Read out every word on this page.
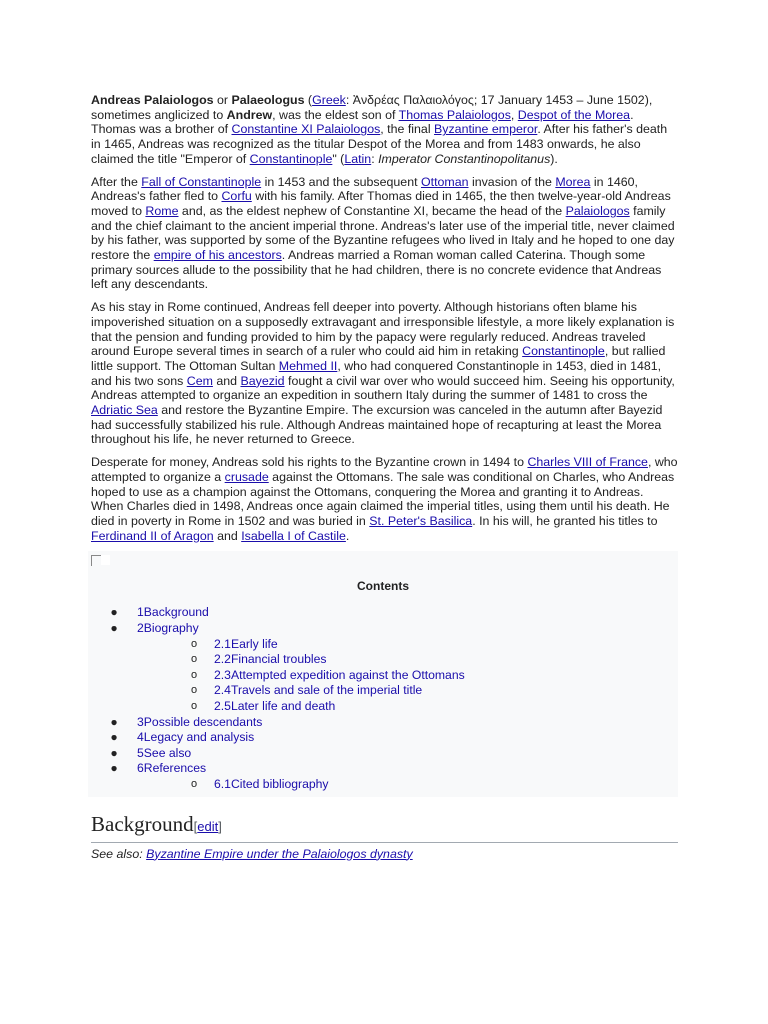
Andreas Palaiologos or Palaeologus (Greek: Ἀνδρέας Παλαιολόγος; 17 January 1453 – June 1502), sometimes anglicized to Andrew, was the eldest son of Thomas Palaiologos, Despot of the Morea. Thomas was a brother of Constantine XI Palaiologos, the final Byzantine emperor. After his father's death in 1465, Andreas was recognized as the titular Despot of the Morea and from 1483 onwards, he also claimed the title "Emperor of Constantinople" (Latin: Imperator Constantinopolitanus).

After the Fall of Constantinople in 1453 and the subsequent Ottoman invasion of the Morea in 1460, Andreas's father fled to Corfu with his family. After Thomas died in 1465, the then twelve-year-old Andreas moved to Rome and, as the eldest nephew of Constantine XI, became the head of the Palaiologos family and the chief claimant to the ancient imperial throne. Andreas's later use of the imperial title, never claimed by his father, was supported by some of the Byzantine refugees who lived in Italy and he hoped to one day restore the empire of his ancestors. Andreas married a Roman woman called Caterina. Though some primary sources allude to the possibility that he had children, there is no concrete evidence that Andreas left any descendants.

As his stay in Rome continued, Andreas fell deeper into poverty. Although historians often blame his impoverished situation on a supposedly extravagant and irresponsible lifestyle, a more likely explanation is that the pension and funding provided to him by the papacy were regularly reduced. Andreas traveled around Europe several times in search of a ruler who could aid him in retaking Constantinople, but rallied little support. The Ottoman Sultan Mehmed II, who had conquered Constantinople in 1453, died in 1481, and his two sons Cem and Bayezid fought a civil war over who would succeed him. Seeing his opportunity, Andreas attempted to organize an expedition in southern Italy during the summer of 1481 to cross the Adriatic Sea and restore the Byzantine Empire. The excursion was canceled in the autumn after Bayezid had successfully stabilized his rule. Although Andreas maintained hope of recapturing at least the Morea throughout his life, he never returned to Greece.

Desperate for money, Andreas sold his rights to the Byzantine crown in 1494 to Charles VIII of France, who attempted to organize a crusade against the Ottomans. The sale was conditional on Charles, who Andreas hoped to use as a champion against the Ottomans, conquering the Morea and granting it to Andreas. When Charles died in 1498, Andreas once again claimed the imperial titles, using them until his death. He died in poverty in Rome in 1502 and was buried in St. Peter's Basilica. In his will, he granted his titles to Ferdinand II of Aragon and Isabella I of Castile.

Contents
● 1Background
● 2Biography
o 2.1Early life
o 2.2Financial troubles
o 2.3Attempted expedition against the Ottomans
o 2.4Travels and sale of the imperial title
o 2.5Later life and death
● 3Possible descendants
● 4Legacy and analysis
● 5See also
● 6References
o 6.1Cited bibliography
Background[edit]
See also: Byzantine Empire under the Palaiologos dynasty
